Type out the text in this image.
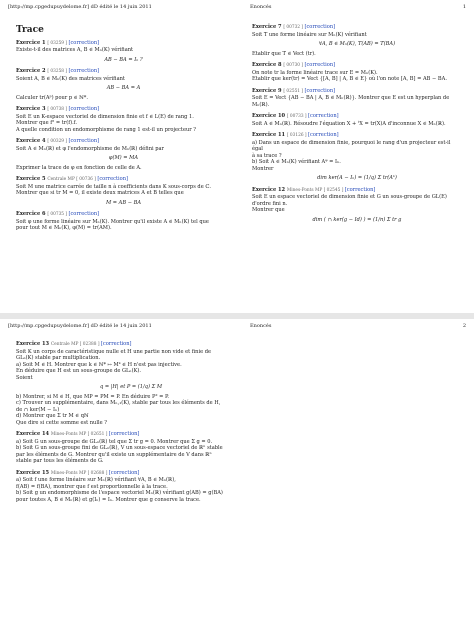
[http://mp.cpgedupuydelome.fr] dD édité le 14 juin 2011	Enoncés	1
Trace
Exercice 1 [ 03259 ] [correction]
Existe-t-il des matrices A, B ∈ Mₙ(K) vérifiant
AB − BA = Iₙ ?
Exercice 2 [ 03258 ] [correction]
Soient A, B ∈ Mₙ(K) des matrices vérifiant
AB − BA = A
Calculer tr(Aᵖ) pour p ∈ ℕ*.
Exercice 3 [ 00738 ] [correction]
Soit E un K-espace vectoriel de dimension finie et f ∈ L(E) de rang 1.
Montrer que f² = tr(f).f.
A quelle condition un endomorphisme de rang 1 est-il un projecteur ?
Exercice 4 [ 00329 ] [correction]
Soit A ∈ Mₙ(ℝ) et φ l'endomorphisme de Mₙ(ℝ) défini par
φ(M) = MA
Exprimer la trace de φ en fonction de celle de A.
Exercice 5 Centrale MP [ 00736 ] [correction]
Soit M une matrice carrée de taille n à coefficients dans K sous-corps de ℂ.
Montrer que si tr M = 0, il existe deux matrices A et B telles que
M = AB − BA
Exercice 6 [ 00735 ] [correction]
Soit φ une forme linéaire sur Mₙ(K). Montrer qu'il existe A ∈ Mₙ(K) tel que
pour tout M ∈ Mₙ(K), φ(M) = tr(AM).
Exercice 7 [ 00732 ] [correction]
Soit T une forme linéaire sur Mₙ(K) vérifiant
∀A, B ∈ Mₙ(K), T(AB) = T(BA)
Etablir que T ∈ Vect (tr).
Exercice 8 [ 00730 ] [correction]
On note tr la forme linéaire trace sur E = Mₙ(K).
Etablir que ker(tr) = Vect {[A, B] | A, B ∈ E} où l'on note [A, B] = AB − BA.
Exercice 9 [ 02551 ] [correction]
Soit E = Vect {AB − BA | A, B ∈ Mₙ(ℝ)}. Montrer que E est un hyperplan de Mₙ(ℝ).
Exercice 10 [ 00733 ] [correction]
Soit A ∈ Mₙ(ℝ). Résoudre l'équation X + ᵗX = tr(X)A d'inconnue X ∈ Mₙ(ℝ).
Exercice 11 [ 03126 ] [correction]
a) Dans un espace de dimension finie, pourquoi le rang d'un projecteur est-il égal
à sa trace ?
b) Soit A ∈ Mₙ(K) vérifiant Aᵠ = Iₙ.
Montrer
dim ker(A − Iₙ) = (1/q) Σ tr(Aᵏ)
Exercice 12 Mines-Ponts MP [ 02545 ] [correction]
Soit E un espace vectoriel de dimension finie et G un sous-groupe de GL(E)
d'ordre fini n.
Montrer que
dim ( ∩ ker(g − Id) ) = (1/n) Σ tr g
[http://mp.cpgedupuydelome.fr] dD édité le 14 juin 2011	Enoncés	2
Exercice 13 Centrale MP [ 02388 ] [correction]
Soit K un corps de caractéristique nulle et H une partie non vide et finie de
GLₙ(K) stable par multiplication.
a) Soit M ∈ H. Montrer que k ∈ ℕ* ↦ Mᵏ ∈ H n'est pas injective.
En déduire que H est un sous-groupe de GLₙ(K).
Soient
q = |H| et P = (1/q) Σ M
b) Montrer, si M ∈ H, que MP = PM = P. En déduire P² = P.
c) Trouver un supplémentaire, dans Mₙ,₁(K), stable par tous les éléments de H,
de ∩ ker(M − Iₙ)
d) Montrer que Σ tr M ∈ qℕ
Que dire si cette somme est nulle ?
Exercice 14 Mines-Ponts MP [ 02651 ] [correction]
a) Soit G un sous-groupe de GLₙ(ℝ) tel que Σ tr g = 0. Montrer que Σ g = 0.
b) Soit G un sous-groupe fini de GLₙ(ℝ), V un sous-espace vectoriel de ℝⁿ stable
par les éléments de G. Montrer qu'il existe un supplémentaire de V dans ℝⁿ
stable par tous les éléments de G.
Exercice 15 Mines-Ponts MP [ 02688 ] [correction]
a) Soit f une forme linéaire sur Mₙ(ℝ) vérifiant ∀A, B ∈ Mₙ(ℝ),
f(AB) = f(BA), montrer que f est proportionnelle à la trace.
b) Soit g un endomorphisme de l'espace vectoriel Mₙ(ℝ) vérifiant g(AB) = g(BA)
pour toutes A, B ∈ Mₙ(ℝ) et g(Iₙ) = Iₙ. Montrer que g conserve la trace.
